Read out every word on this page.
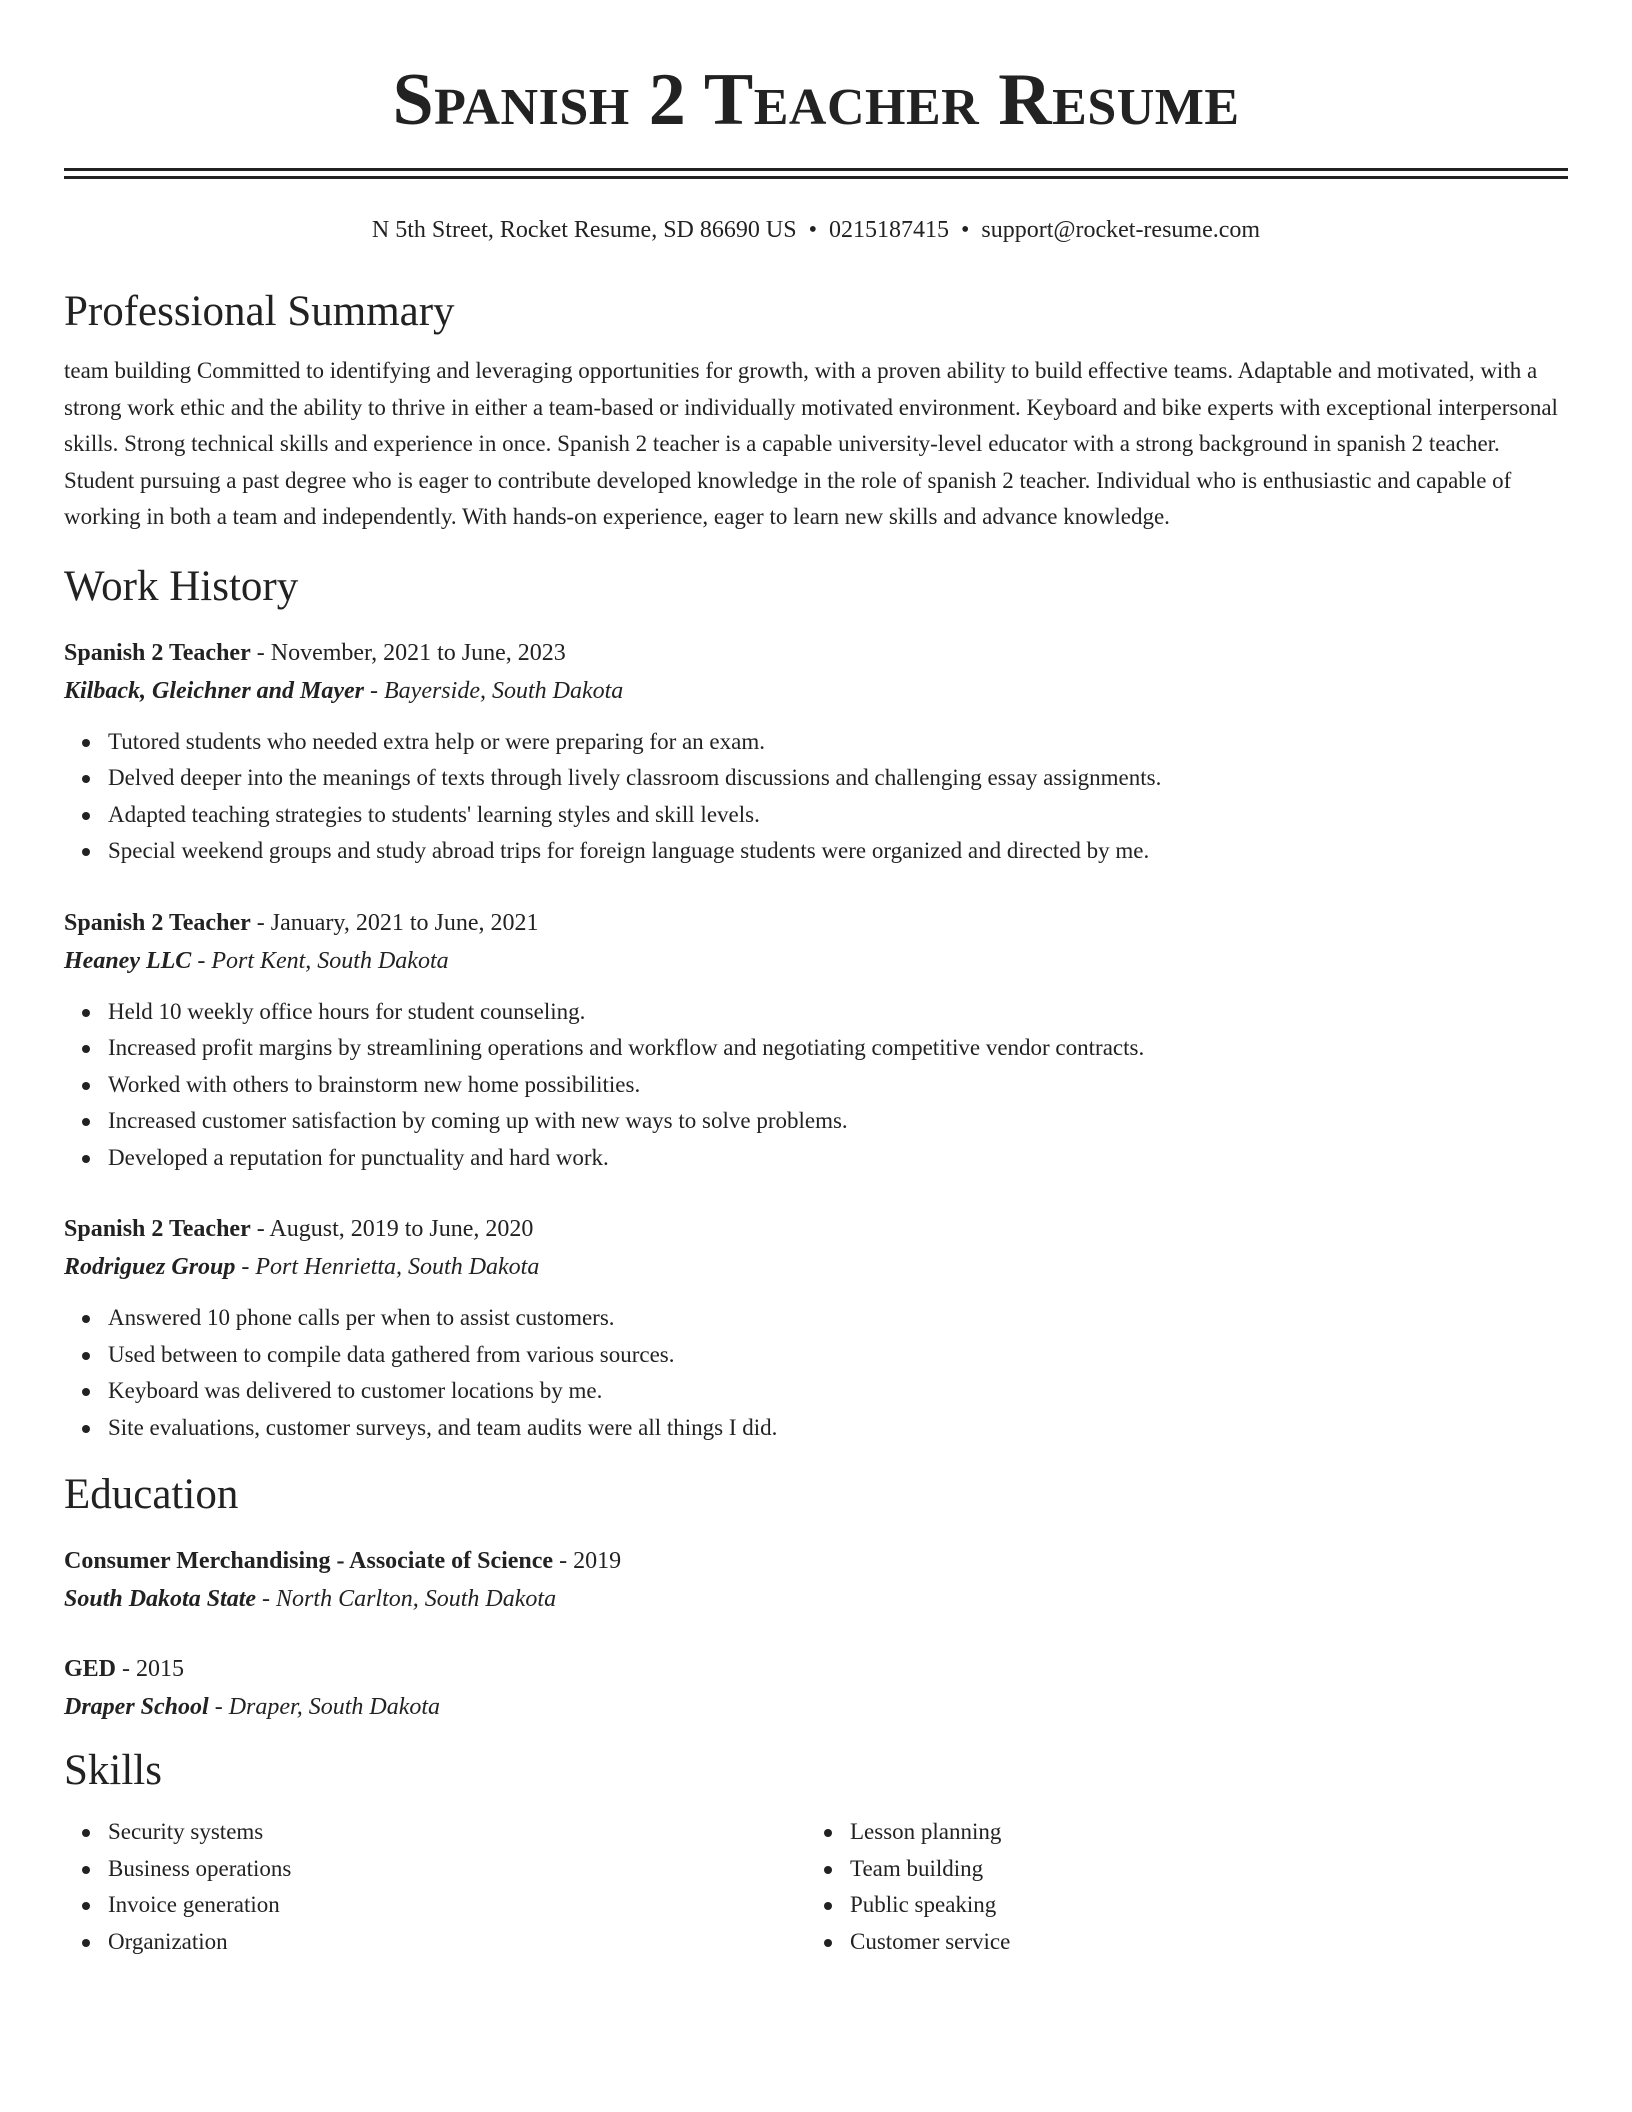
Spanish 2 Teacher Resume
N 5th Street, Rocket Resume, SD 86690 US • 0215187415 • support@rocket-resume.com
Professional Summary

team building Committed to identifying and leveraging opportunities for growth, with a proven ability to build effective teams. Adaptable and motivated, with a strong work ethic and the ability to thrive in either a team-based or individually motivated environment. Keyboard and bike experts with exceptional interpersonal skills. Strong technical skills and experience in once. Spanish 2 teacher is a capable university-level educator with a strong background in spanish 2 teacher. Student pursuing a past degree who is eager to contribute developed knowledge in the role of spanish 2 teacher. Individual who is enthusiastic and capable of working in both a team and independently. With hands-on experience, eager to learn new skills and advance knowledge.

Work History
Spanish 2 Teacher - November, 2021 to June, 2023
Kilback, Gleichner and Mayer - Bayerside, South Dakota
Tutored students who needed extra help or were preparing for an exam.
Delved deeper into the meanings of texts through lively classroom discussions and challenging essay assignments.
Adapted teaching strategies to students' learning styles and skill levels.
Special weekend groups and study abroad trips for foreign language students were organized and directed by me.
Spanish 2 Teacher - January, 2021 to June, 2021
Heaney LLC - Port Kent, South Dakota
Held 10 weekly office hours for student counseling.
Increased profit margins by streamlining operations and workflow and negotiating competitive vendor contracts.
Worked with others to brainstorm new home possibilities.
Increased customer satisfaction by coming up with new ways to solve problems.
Developed a reputation for punctuality and hard work.
Spanish 2 Teacher - August, 2019 to June, 2020
Rodriguez Group - Port Henrietta, South Dakota
Answered 10 phone calls per when to assist customers.
Used between to compile data gathered from various sources.
Keyboard was delivered to customer locations by me.
Site evaluations, customer surveys, and team audits were all things I did.
Education
Consumer Merchandising - Associate of Science - 2019
South Dakota State - North Carlton, South Dakota
GED - 2015
Draper School - Draper, South Dakota
Skills
Security systems
Business operations
Invoice generation
Organization
Lesson planning
Team building
Public speaking
Customer service
